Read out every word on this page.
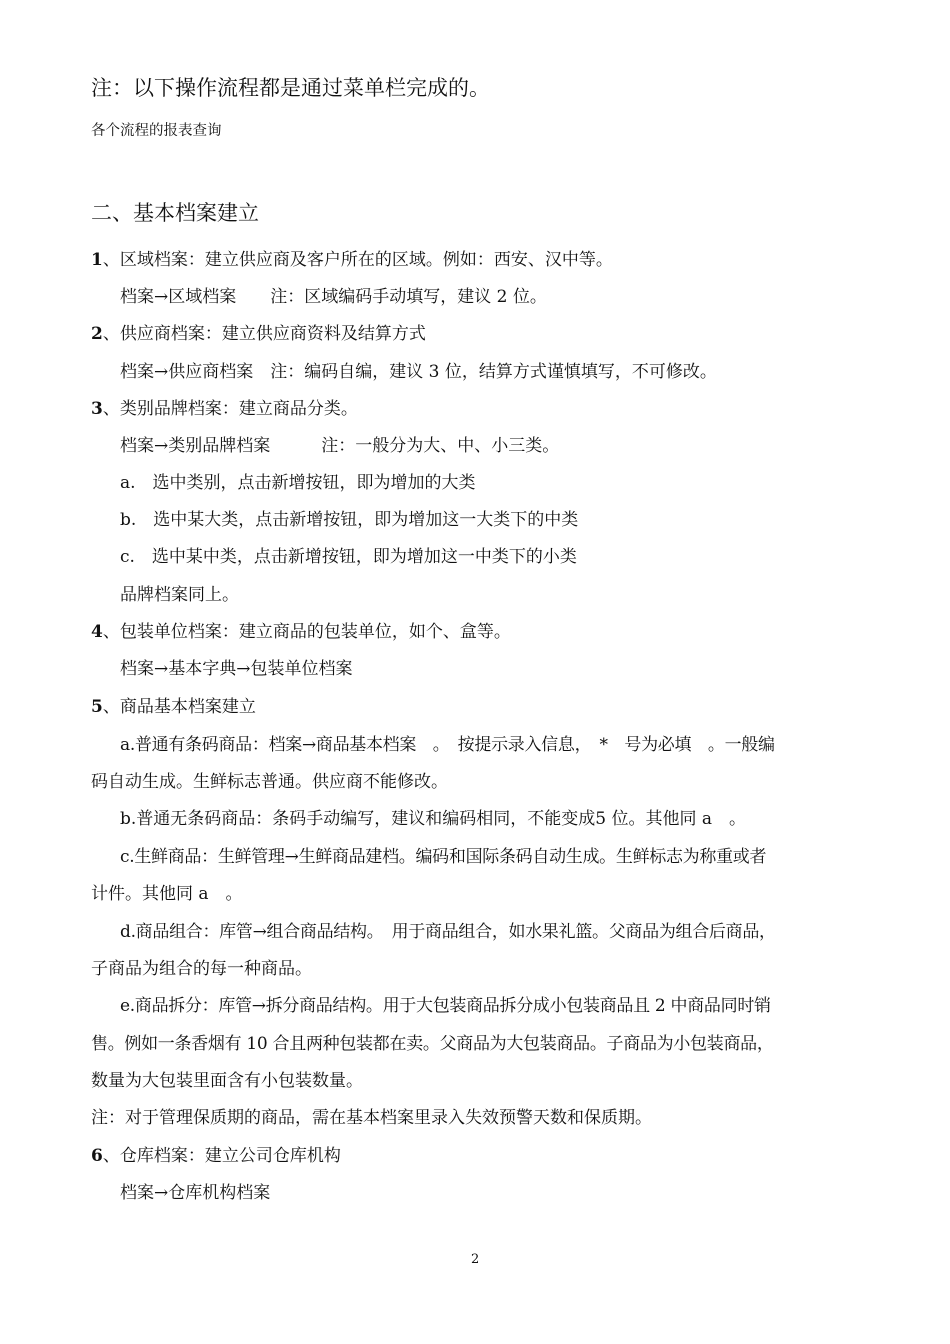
注：以下操作流程都是通过菜单栏完成的。
各个流程的报表查询
二、基本档案建立
1、区域档案：建立供应商及客户所在的区域。例如：西安、汉中等。
档案→区域档案　　注：区域编码手动填写，建议 2 位。
2、供应商档案：建立供应商资料及结算方式
档案→供应商档案　注：编码自编，建议 3 位，结算方式谨慎填写，不可修改。
3、类别品牌档案：建立商品分类。
档案→类别品牌档案　　　注：一般分为大、中、小三类。
a.　选中类别，点击新增按钮，即为增加的大类
b.　选中某大类，点击新增按钮，即为增加这一大类下的中类
c.　选中某中类，点击新增按钮，即为增加这一中类下的小类
品牌档案同上。
4、包装单位档案：建立商品的包装单位，如个、盒等。
档案→基本字典→包装单位档案
5、商品基本档案建立
a.普通有条码商品：档案→商品基本档案　。　按提示录入信息，　*　号为必填　。一般编
码自动生成。生鲜标志普通。供应商不能修改。
b.普通无条码商品：条码手动编写，建议和编码相同，不能变成5 位。其他同 a　。
c.生鲜商品：生鲜管理→生鲜商品建档。编码和国际条码自动生成。生鲜标志为称重或者
计件。其他同 a　。
d.商品组合：库管→组合商品结构。　用于商品组合，如水果礼篮。父商品为组合后商品，
子商品为组合的每一种商品。
e.商品拆分：库管→拆分商品结构。用于大包装商品拆分成小包装商品且 2 中商品同时销
售。例如一条香烟有 10 合且两种包装都在卖。父商品为大包装商品。子商品为小包装商品，
数量为大包装里面含有小包装数量。
注：对于管理保质期的商品，需在基本档案里录入失效预警天数和保质期。
6、仓库档案：建立公司仓库机构
档案→仓库机构档案
2
